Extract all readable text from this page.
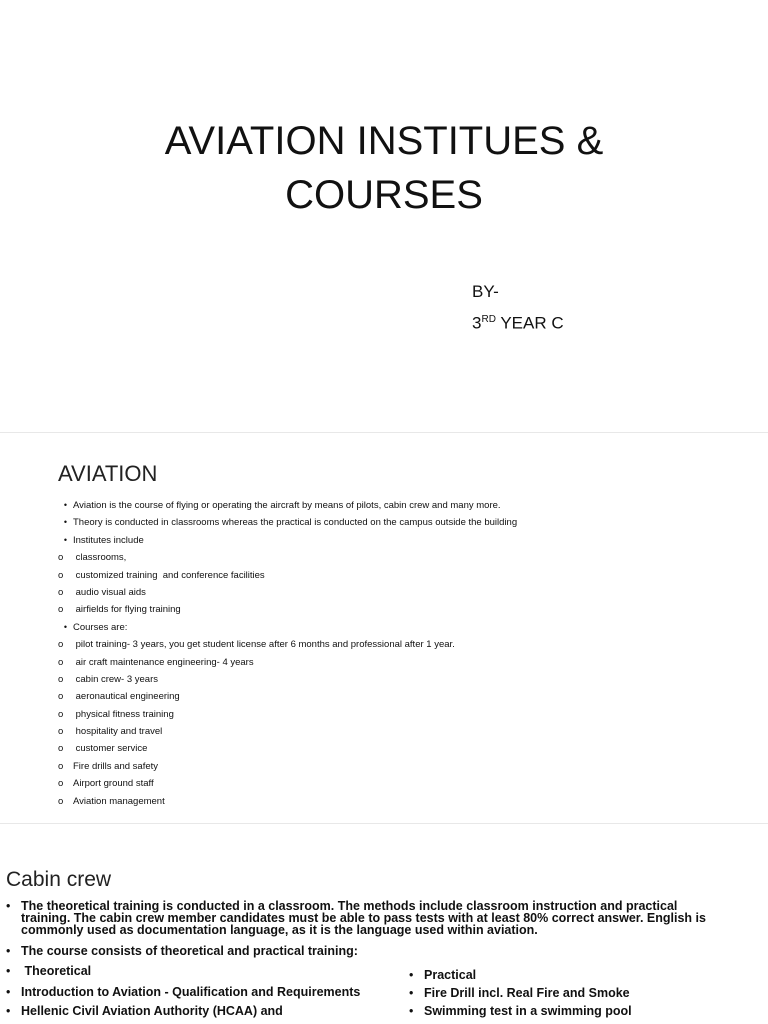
AVIATION INSTITUES &
COURSES
BY-
3RD YEAR C
AVIATION
• Aviation is the course of flying or operating the aircraft by means of pilots, cabin crew and many more.
• Theory is conducted in classrooms whereas the practical is conducted on the campus outside the building
• Institutes include
o classrooms,
o customized training  and conference facilities
o audio visual aids
o airfields for flying training
• Courses are:
o pilot training- 3 years, you get student license after 6 months and professional after 1 year.
o air craft maintenance engineering- 4 years
o cabin crew- 3 years
o aeronautical engineering
o physical fitness training
o hospitality and travel
o customer service
o Fire drills and safety
o Airport ground staff
o Aviation management
Cabin crew
• The theoretical training is conducted in a classroom. The methods include classroom instruction and practical training. The cabin crew member candidates must be able to pass tests with at least 80% correct answer. English is commonly used as documentation language, as it is the language used within aviation.
• The course consists of theoretical and practical training:
• Theoretical
• Introduction to Aviation - Qualification and Requirements
• Hellenic Civil Aviation Authority (HCAA) and
• Practical
• Fire Drill incl. Real Fire and Smoke
• Swimming test in a swimming pool
